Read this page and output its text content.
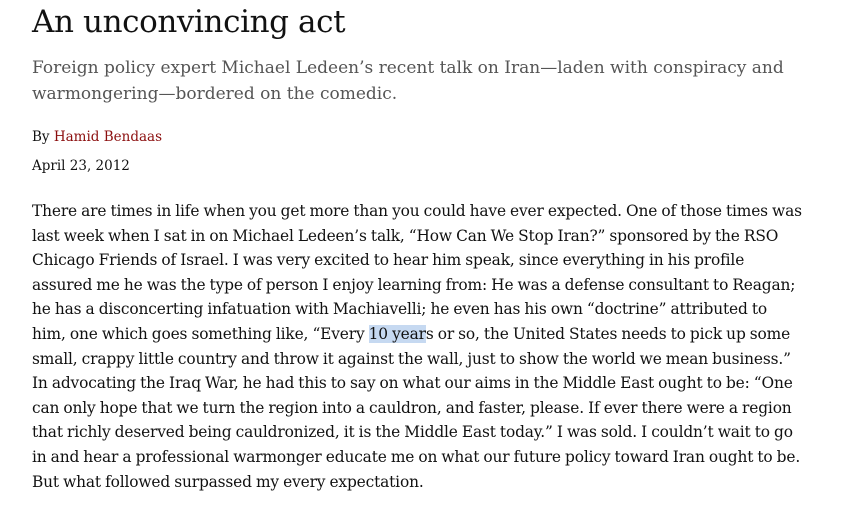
An unconvincing act

Foreign policy expert Michael Ledeen’s recent talk on Iran—laden with conspiracy and
warmongering—bordered on the comedic.

By Hamid Bendaas
April 23, 2012
There are times in life when you get more than you could have ever expected. One of those times was
last week when I sat in on Michael Ledeen’s talk, “How Can We Stop Iran?” sponsored by the RSO
Chicago Friends of Israel. I was very excited to hear him speak, since everything in his profile
assured me he was the type of person I enjoy learning from: He was a defense consultant to Reagan;
he has a disconcerting infatuation with Machiavelli; he even has his own “doctrine” attributed to
him, one which goes something like, “Every 10 years or so, the United States needs to pick up some
small, crappy little country and throw it against the wall, just to show the world we mean business.”
In advocating the Iraq War, he had this to say on what our aims in the Middle East ought to be: “One
can only hope that we turn the region into a cauldron, and faster, please. If ever there were a region
that richly deserved being cauldronized, it is the Middle East today.” I was sold. I couldn’t wait to go
in and hear a professional warmonger educate me on what our future policy toward Iran ought to be.
But what followed surpassed my every expectation.
